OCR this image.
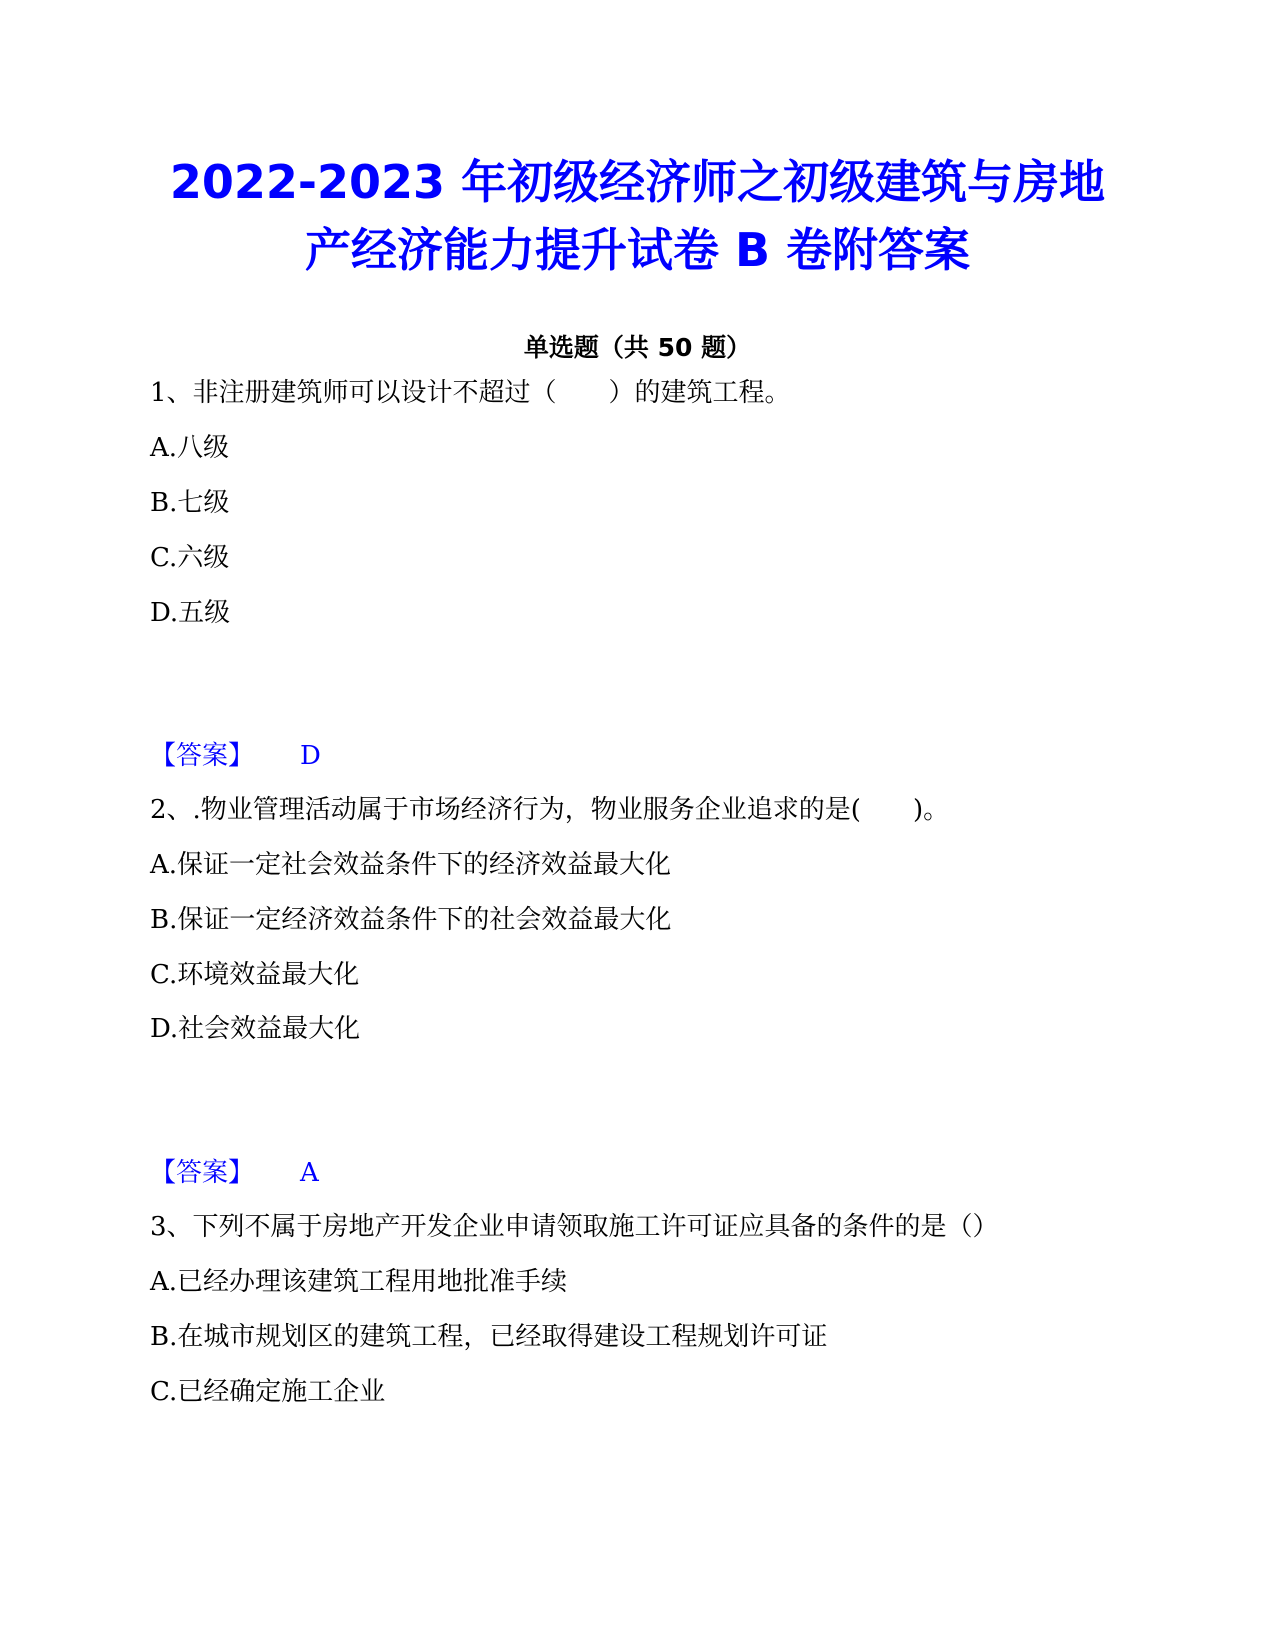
2022-2023 年初级经济师之初级建筑与房地
产经济能力提升试卷 B 卷附答案
单选题（共 50 题）
1、非注册建筑师可以设计不超过（　　）的建筑工程。
A.八级
B.七级
C.六级
D.五级
【答案】 D
2、.物业管理活动属于市场经济行为，物业服务企业追求的是(　　)。
A.保证一定社会效益条件下的经济效益最大化
B.保证一定经济效益条件下的社会效益最大化
C.环境效益最大化
D.社会效益最大化
【答案】 A
3、下列不属于房地产开发企业申请领取施工许可证应具备的条件的是（）
A.已经办理该建筑工程用地批准手续
B.在城市规划区的建筑工程，已经取得建设工程规划许可证
C.已经确定施工企业
